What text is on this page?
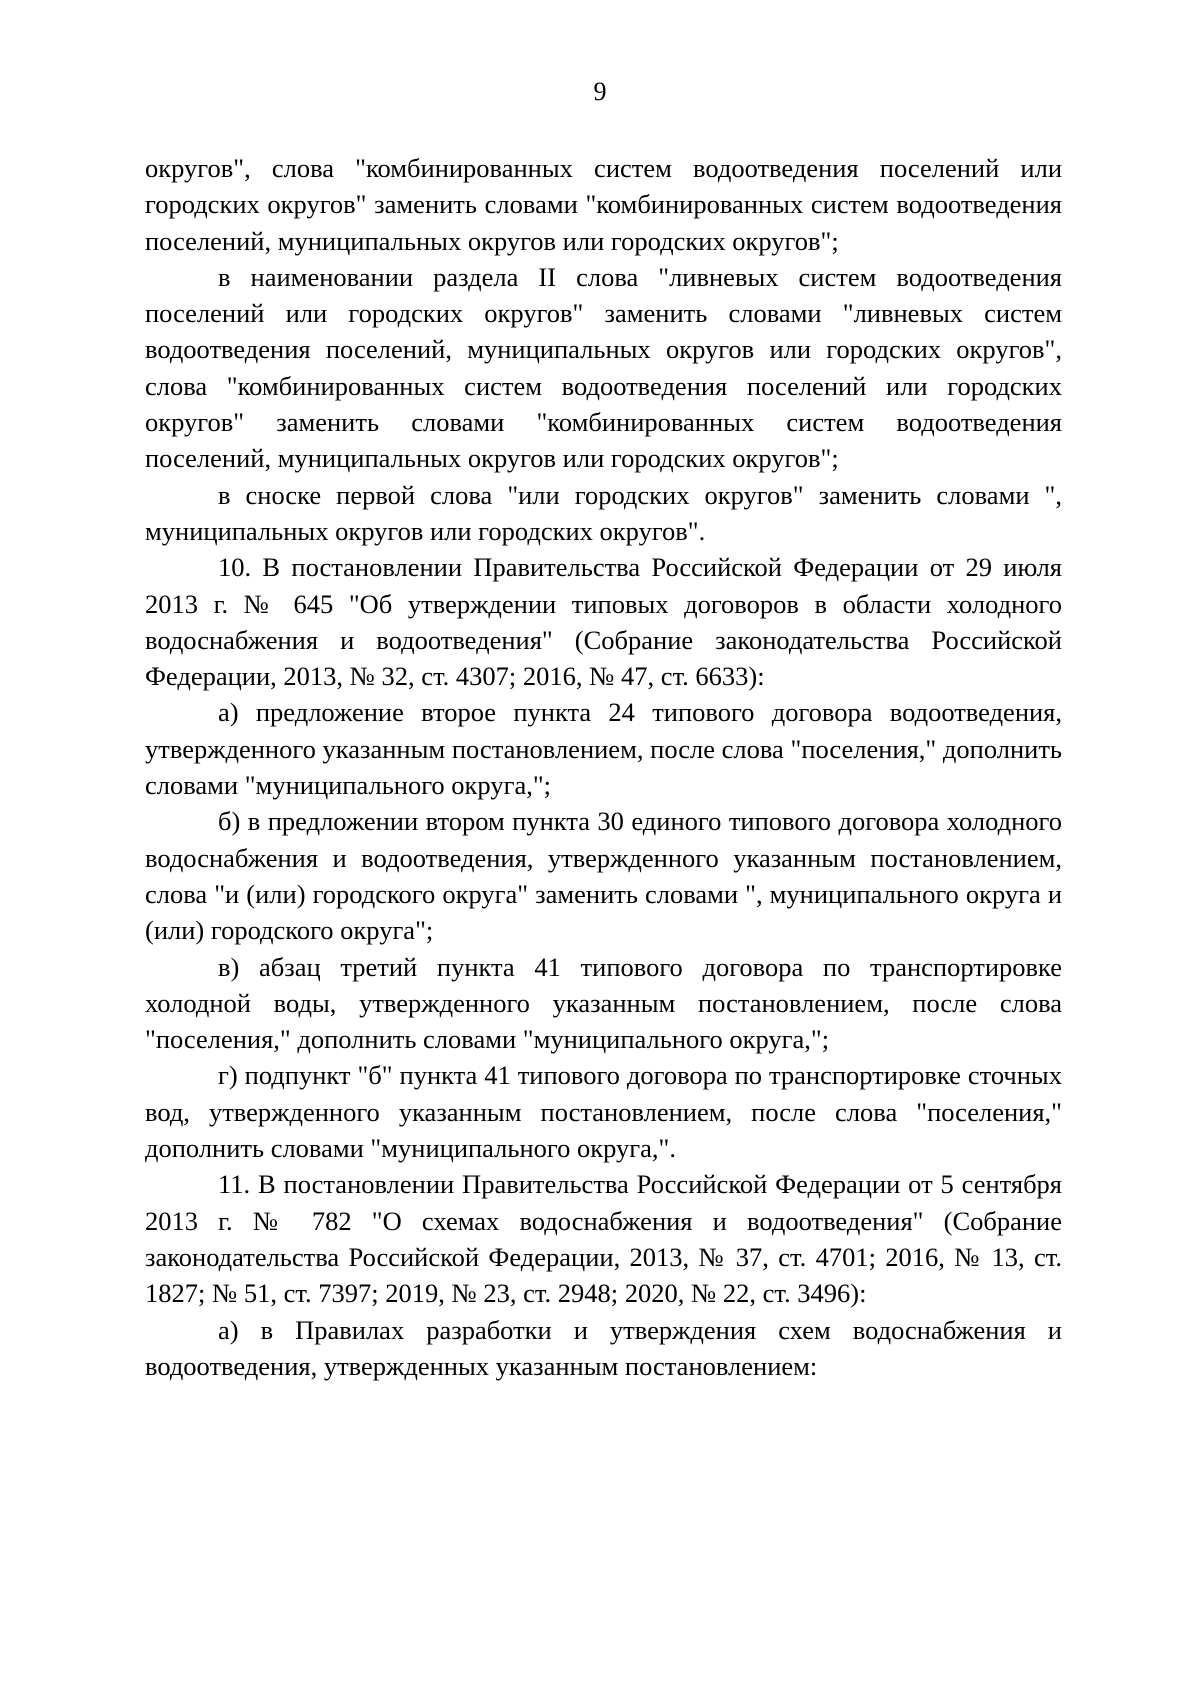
9

округов", слова "комбинированных систем водоотведения поселений или городских округов" заменить словами "комбинированных систем водоотведения поселений, муниципальных округов или городских округов";

в наименовании раздела II слова "ливневых систем водоотведения поселений или городских округов" заменить словами "ливневых систем водоотведения поселений, муниципальных округов или городских округов", слова "комбинированных систем водоотведения поселений или городских округов" заменить словами "комбинированных систем водоотведения поселений, муниципальных округов или городских округов";

в сноске первой слова "или городских округов" заменить словами ", муниципальных округов или городских округов".

10. В постановлении Правительства Российской Федерации от 29 июля 2013 г. № 645 "Об утверждении типовых договоров в области холодного водоснабжения и водоотведения" (Собрание законодательства Российской Федерации, 2013, № 32, ст. 4307; 2016, № 47, ст. 6633):

а) предложение второе пункта 24 типового договора водоотведения, утвержденного указанным постановлением, после слова "поселения," дополнить словами "муниципального округа,";

б) в предложении втором пункта 30 единого типового договора холодного водоснабжения и водоотведения, утвержденного указанным постановлением, слова "и (или) городского округа" заменить словами ", муниципального округа и (или) городского округа";

в) абзац третий пункта 41 типового договора по транспортировке холодной воды, утвержденного указанным постановлением, после слова "поселения," дополнить словами "муниципального округа,";

г) подпункт "б" пункта 41 типового договора по транспортировке сточных вод, утвержденного указанным постановлением, после слова "поселения," дополнить словами "муниципального округа,".

11. В постановлении Правительства Российской Федерации от 5 сентября 2013 г. № 782 "О схемах водоснабжения и водоотведения" (Собрание законодательства Российской Федерации, 2013, № 37, ст. 4701; 2016, № 13, ст. 1827; № 51, ст. 7397; 2019, № 23, ст. 2948; 2020, № 22, ст. 3496):

а) в Правилах разработки и утверждения схем водоснабжения и водоотведения, утвержденных указанным постановлением:
